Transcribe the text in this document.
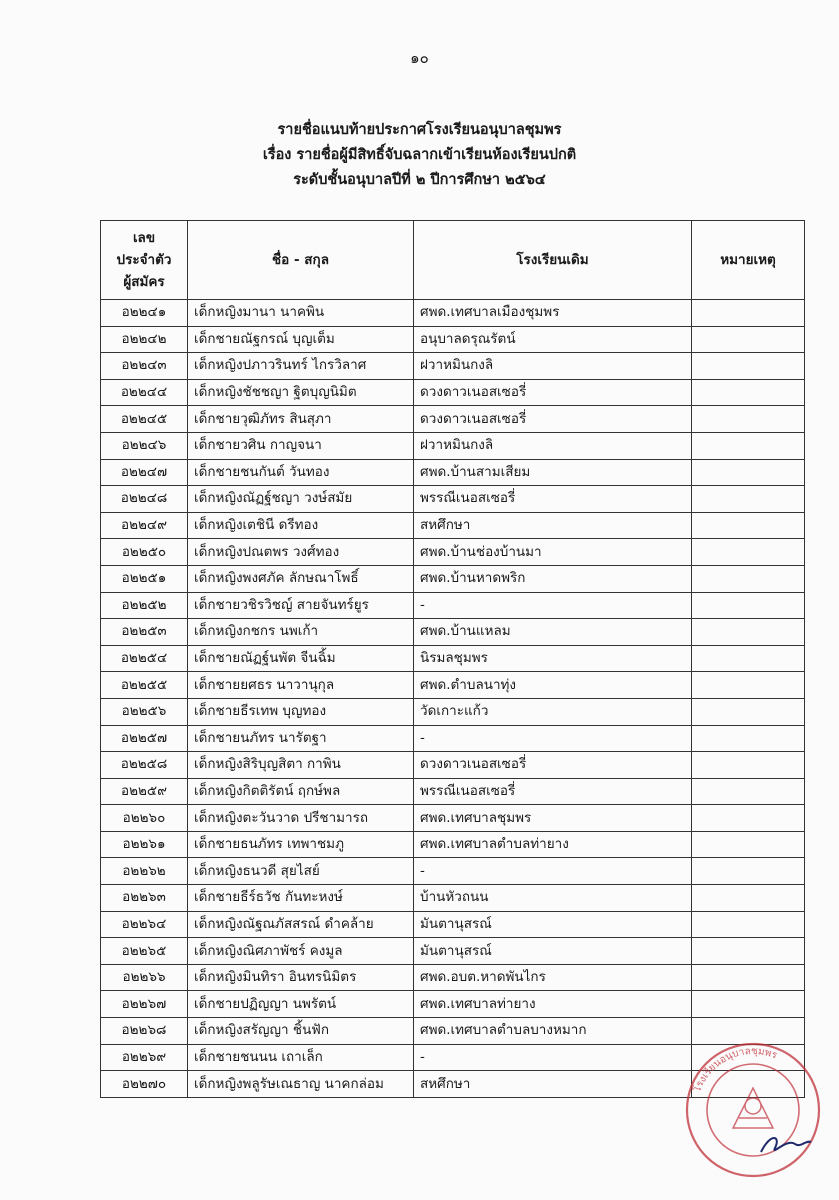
๑๐
รายชื่อแนบท้ายประกาศโรงเรียนอนุบาลชุมพร
เรื่อง รายชื่อผู้มีสิทธิ์จับฉลากเข้าเรียนห้องเรียนปกติ
ระดับชั้นอนุบาลปีที่ ๒ ปีการศึกษา ๒๕๖๔
เลข
ประจำตัว
ผู้สมัคร	ชื่อ - สกุล	โรงเรียนเดิม	หมายเหตุ
อ๒๒๔๑	เด็กหญิงมานา นาคพิน	ศพด.เทศบาลเมืองชุมพร	
อ๒๒๔๒	เด็กชายณัฐกรณ์ บุญเต็ม	อนุบาลดรุณรัตน์	
อ๒๒๔๓	เด็กหญิงปภาวรินทร์ ไกรวิลาศ	ฝวาหมินกงลิ	
อ๒๒๔๔	เด็กหญิงชัชชญา ฐิตบุญนิมิต	ดวงดาวเนอสเซอรี่	
อ๒๒๔๕	เด็กชายวุฒิภัทร สินสุภา	ดวงดาวเนอสเซอรี่	
อ๒๒๔๖	เด็กชายวศิน กาญจนา	ฝวาหมินกงลิ	
อ๒๒๔๗	เด็กชายชนกันต์ วันทอง	ศพด.บ้านสามเสียม	
อ๒๒๔๘	เด็กหญิงณัฏฐ์ชญา วงษ์สมัย	พรรณีเนอสเซอรี่	
อ๒๒๔๙	เด็กหญิงเตชินี ดรีทอง	สหศึกษา	
อ๒๒๕๐	เด็กหญิงปณตพร วงศ์ทอง	ศพด.บ้านช่องบ้านมา	
อ๒๒๕๑	เด็กหญิงพงศภัค ลักษณาโพธิ์	ศพด.บ้านหาดพริก	
อ๒๒๕๒	เด็กชายวชิรวิชญ์ สายจันทร์ยูร	-	
อ๒๒๕๓	เด็กหญิงกชกร นพเก้า	ศพด.บ้านแหลม	
อ๒๒๕๔	เด็กชายณัฏฐ์นพัต จีนฉิ้ม	นิรมลชุมพร	
อ๒๒๕๕	เด็กชายยศธร นาวานุกุล	ศพด.ตำบลนาทุ่ง	
อ๒๒๕๖	เด็กชายธีรเทพ บุญทอง	วัดเกาะแก้ว	
อ๒๒๕๗	เด็กชายนภัทร นารัตฐา	-	
อ๒๒๕๘	เด็กหญิงสิริบุญสิตา กาพิน	ดวงดาวเนอสเซอรี่	
อ๒๒๕๙	เด็กหญิงกิตติรัตน์ ฤกษ์พล	พรรณีเนอสเซอรี่	
อ๒๒๖๐	เด็กหญิงตะวันวาด ปรีชามารถ	ศพด.เทศบาลชุมพร	
อ๒๒๖๑	เด็กชายธนภัทร เทพาชมภู	ศพด.เทศบาลตำบลท่ายาง	
อ๒๒๖๒	เด็กหญิงธนวดี สุยไสย์	-	
อ๒๒๖๓	เด็กชายธีร์ธวัช กันทะหงษ์	บ้านหัวถนน	
อ๒๒๖๔	เด็กหญิงณัฐณภัสสรณ์ ดำคล้าย	มันตานุสรณ์	
อ๒๒๖๕	เด็กหญิงณิศภาพัชร์ คงมูล	มันตานุสรณ์	
อ๒๒๖๖	เด็กหญิงมินทิรา อินทรนิมิตร	ศพด.อบต.หาดพันไกร	
อ๒๒๖๗	เด็กชายปฏิญญา นพรัตน์	ศพด.เทศบาลท่ายาง	
อ๒๒๖๘	เด็กหญิงสรัญญา ชิ้นฟัก	ศพด.เทศบาลตำบลบางหมาก	
อ๒๒๖๙	เด็กชายชนนน เถาเล็ก	-	
อ๒๒๗๐	เด็กหญิงพลูรัษเณธาญ นาคกล่อม	สหศึกษา		โรงเรียนอนุบาลชุมพร
